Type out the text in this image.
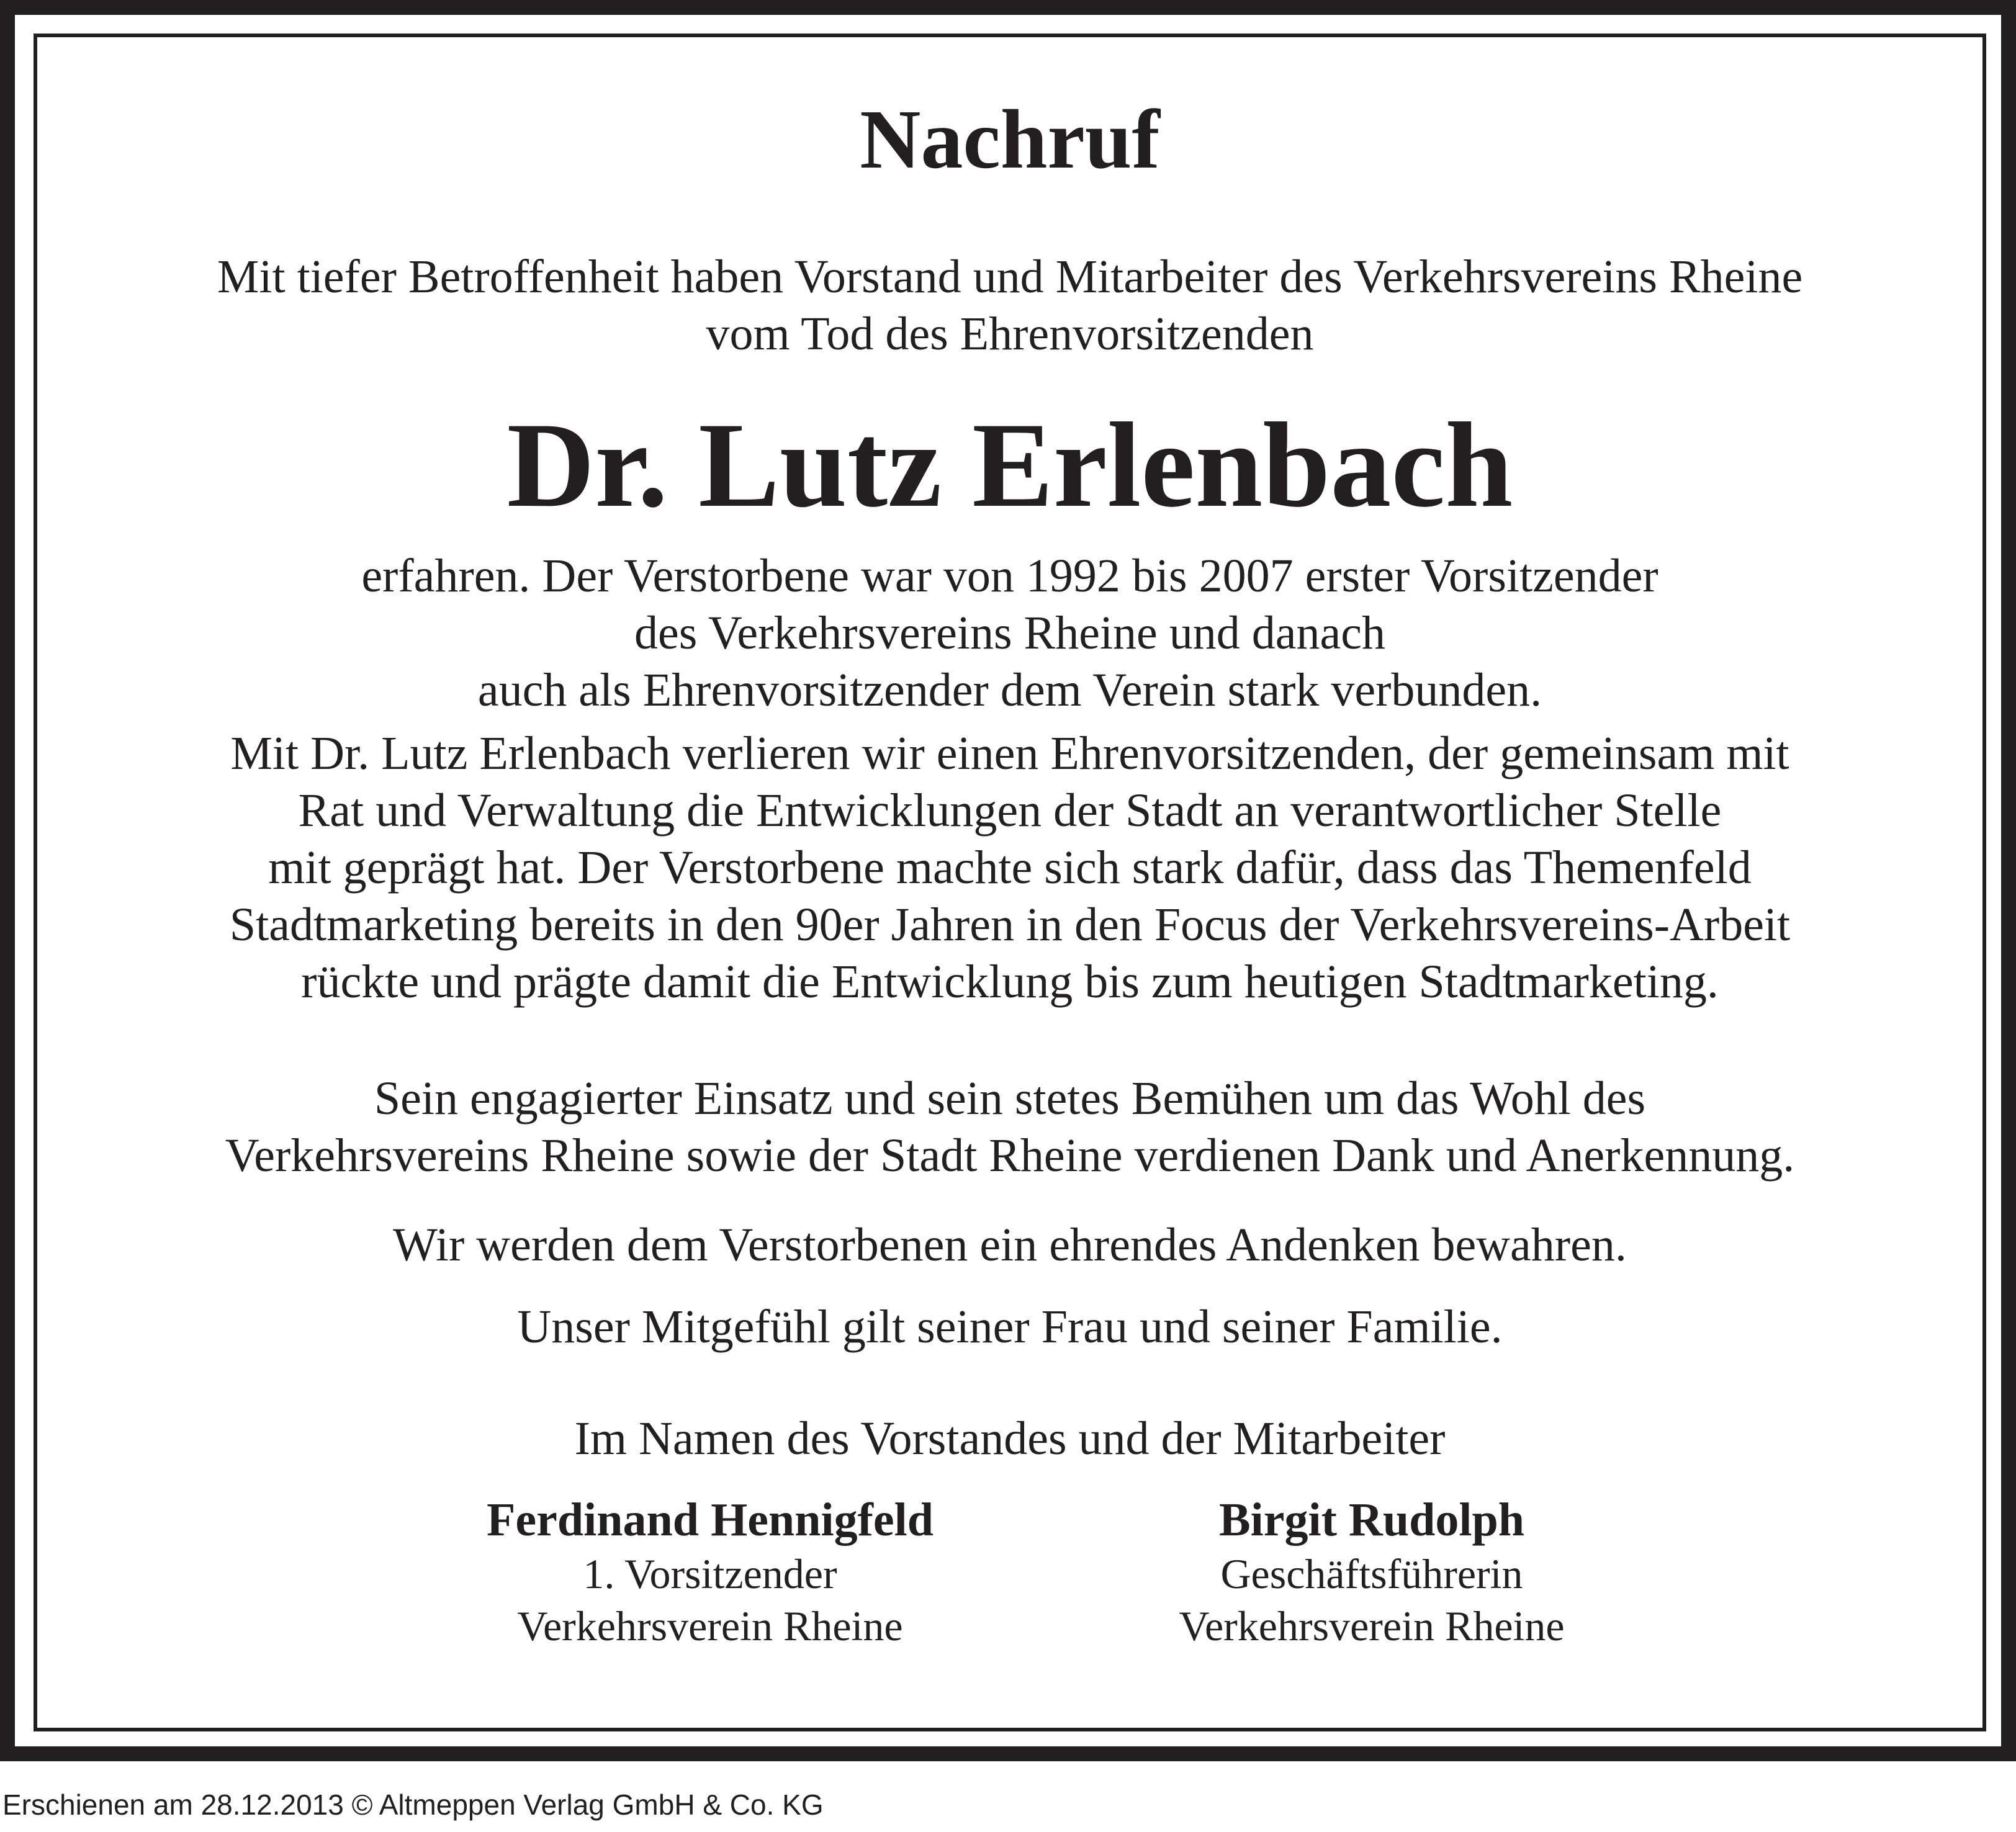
Nachruf
Mit tiefer Betroffenheit haben Vorstand und Mitarbeiter des Verkehrsvereins Rheine
vom Tod des Ehrenvorsitzenden
Dr. Lutz Erlenbach
erfahren. Der Verstorbene war von 1992 bis 2007 erster Vorsitzender
des Verkehrsvereins Rheine und danach
auch als Ehrenvorsitzender dem Verein stark verbunden.
Mit Dr. Lutz Erlenbach verlieren wir einen Ehrenvorsitzenden, der gemeinsam mit
Rat und Verwaltung die Entwicklungen der Stadt an verantwortlicher Stelle
mit geprägt hat. Der Verstorbene machte sich stark dafür, dass das Themenfeld
Stadtmarketing bereits in den 90er Jahren in den Focus der Verkehrsvereins-Arbeit
rückte und prägte damit die Entwicklung bis zum heutigen Stadtmarketing.
Sein engagierter Einsatz und sein stetes Bemühen um das Wohl des
Verkehrsvereins Rheine sowie der Stadt Rheine verdienen Dank und Anerkennung.
Wir werden dem Verstorbenen ein ehrendes Andenken bewahren.
Unser Mitgefühl gilt seiner Frau und seiner Familie.
Im Namen des Vorstandes und der Mitarbeiter
Ferdinand Hennigfeld
1. Vorsitzender
Verkehrsverein Rheine
Birgit Rudolph
Geschäftsführerin
Verkehrsverein Rheine
Erschienen am 28.12.2013 © Altmeppen Verlag GmbH & Co. KG
